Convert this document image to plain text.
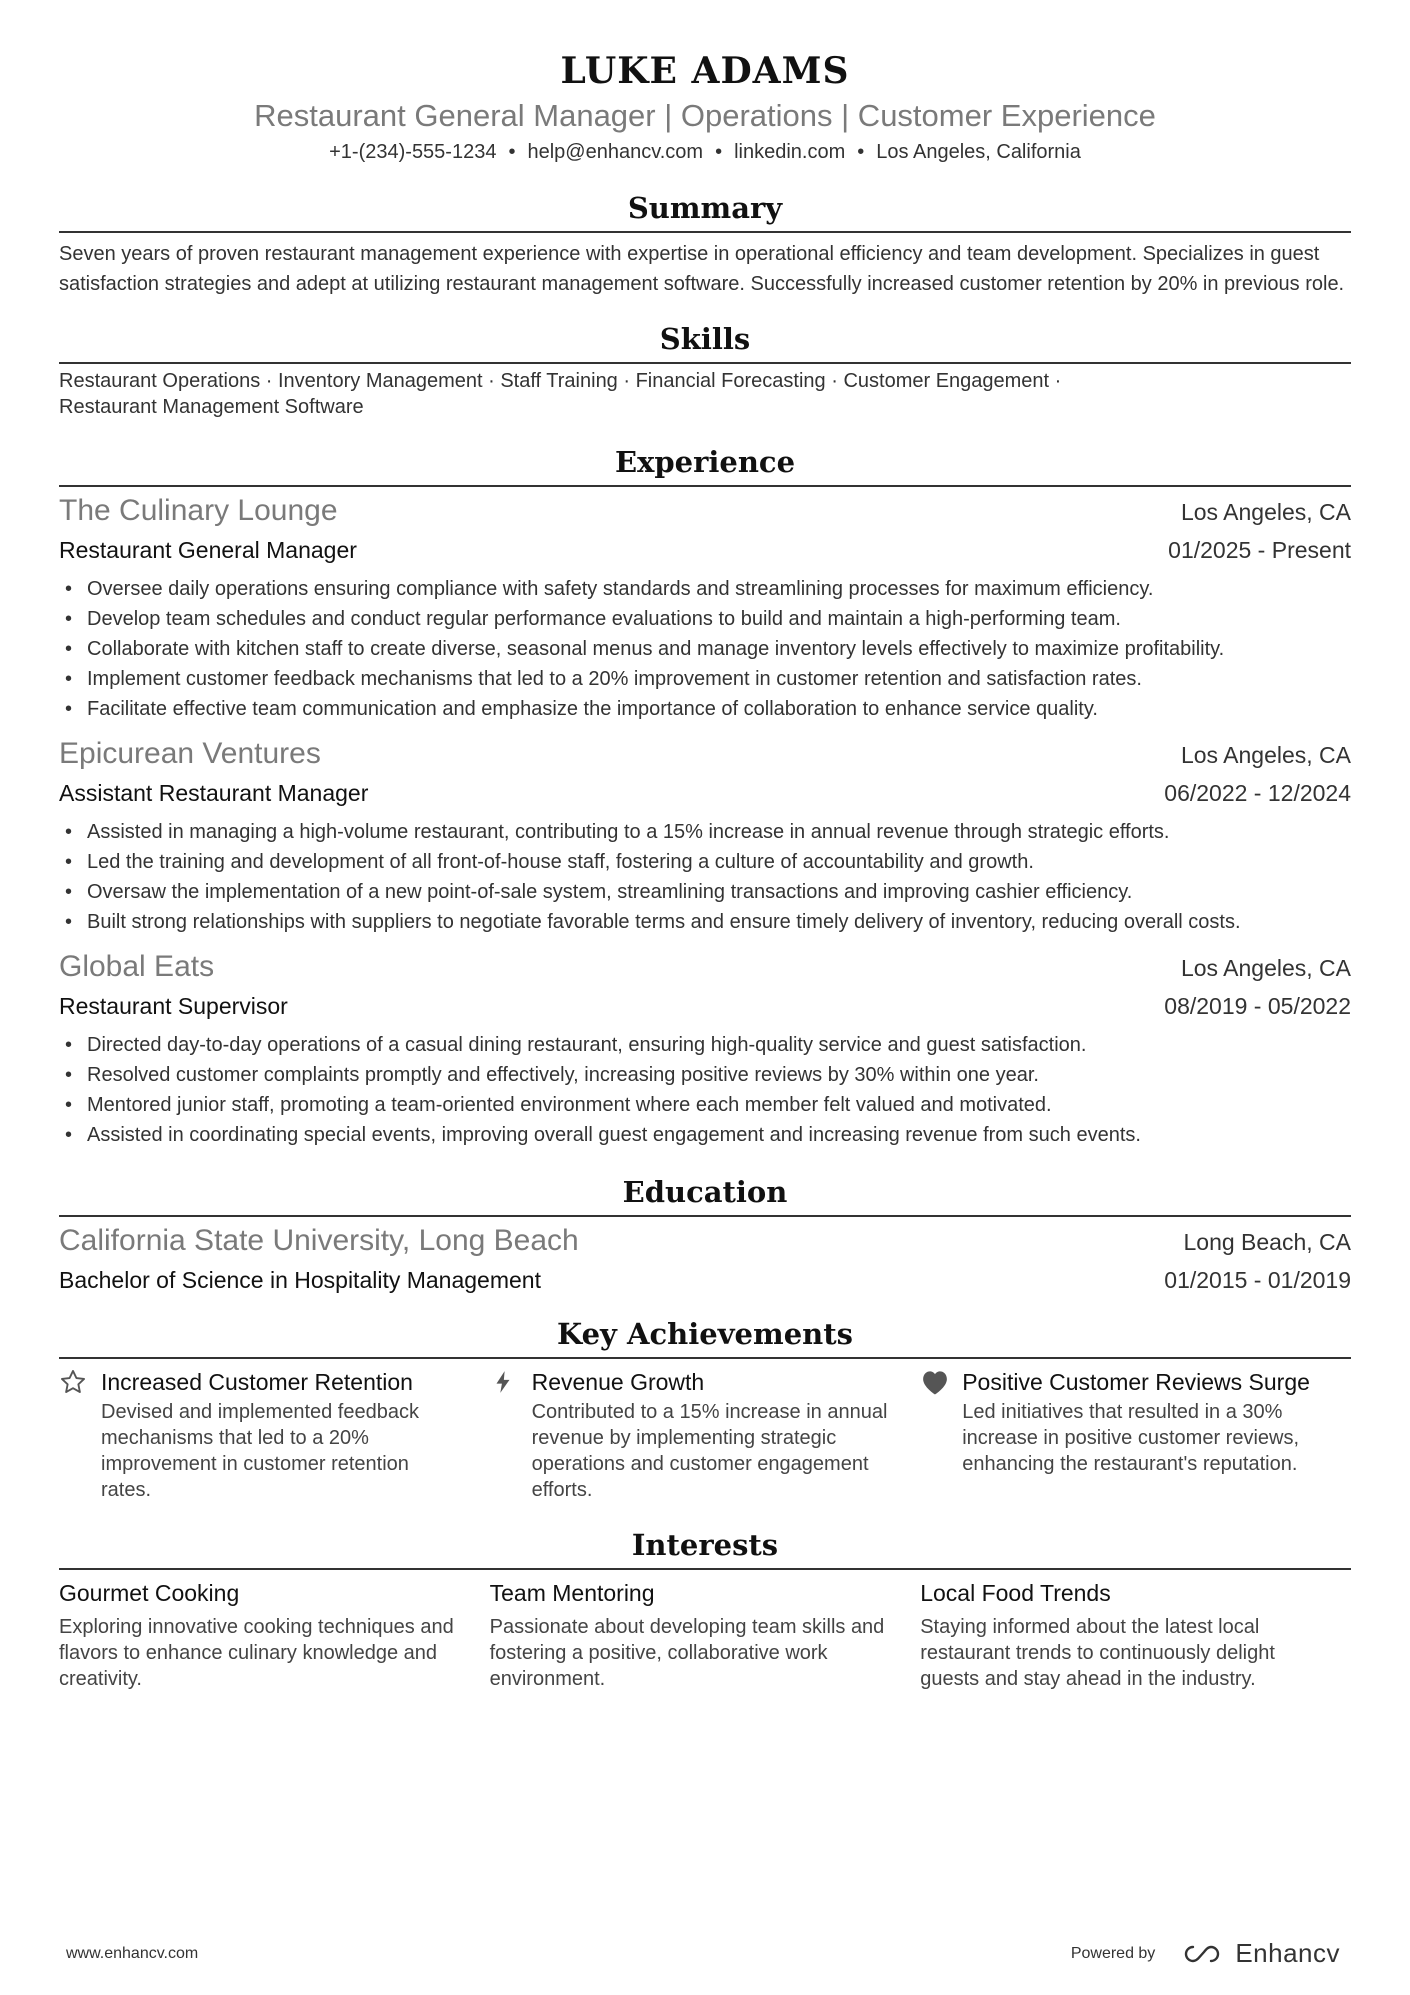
LUKE ADAMS
Restaurant General Manager | Operations | Customer Experience
+1-(234)-555-1234 • help@enhancv.com • linkedin.com • Los Angeles, California
Summary
Seven years of proven restaurant management experience with expertise in operational efficiency and team development. Specializes in guest satisfaction strategies and adept at utilizing restaurant management software. Successfully increased customer retention by 20% in previous role.
Skills
Restaurant Operations · Inventory Management · Staff Training · Financial Forecasting · Customer Engagement ·
Restaurant Management Software
Experience
The Culinary Lounge	Los Angeles, CA
Restaurant General Manager	01/2025 - Present
• Oversee daily operations ensuring compliance with safety standards and streamlining processes for maximum efficiency.
• Develop team schedules and conduct regular performance evaluations to build and maintain a high-performing team.
• Collaborate with kitchen staff to create diverse, seasonal menus and manage inventory levels effectively to maximize profitability.
• Implement customer feedback mechanisms that led to a 20% improvement in customer retention and satisfaction rates.
• Facilitate effective team communication and emphasize the importance of collaboration to enhance service quality.
Epicurean Ventures	Los Angeles, CA
Assistant Restaurant Manager	06/2022 - 12/2024
• Assisted in managing a high-volume restaurant, contributing to a 15% increase in annual revenue through strategic efforts.
• Led the training and development of all front-of-house staff, fostering a culture of accountability and growth.
• Oversaw the implementation of a new point-of-sale system, streamlining transactions and improving cashier efficiency.
• Built strong relationships with suppliers to negotiate favorable terms and ensure timely delivery of inventory, reducing overall costs.
Global Eats	Los Angeles, CA
Restaurant Supervisor	08/2019 - 05/2022
• Directed day-to-day operations of a casual dining restaurant, ensuring high-quality service and guest satisfaction.
• Resolved customer complaints promptly and effectively, increasing positive reviews by 30% within one year.
• Mentored junior staff, promoting a team-oriented environment where each member felt valued and motivated.
• Assisted in coordinating special events, improving overall guest engagement and increasing revenue from such events.
Education
California State University, Long Beach	Long Beach, CA
Bachelor of Science in Hospitality Management	01/2015 - 01/2019
Key Achievements
Increased Customer Retention
Devised and implemented feedback mechanisms that led to a 20% improvement in customer retention rates.
Revenue Growth
Contributed to a 15% increase in annual revenue by implementing strategic operations and customer engagement efforts.
Positive Customer Reviews Surge
Led initiatives that resulted in a 30% increase in positive customer reviews, enhancing the restaurant's reputation.
Interests
Gourmet Cooking
Exploring innovative cooking techniques and flavors to enhance culinary knowledge and creativity.
Team Mentoring
Passionate about developing team skills and fostering a positive, collaborative work environment.
Local Food Trends
Staying informed about the latest local restaurant trends to continuously delight guests and stay ahead in the industry.
www.enhancv.com	Powered by	Enhancv
